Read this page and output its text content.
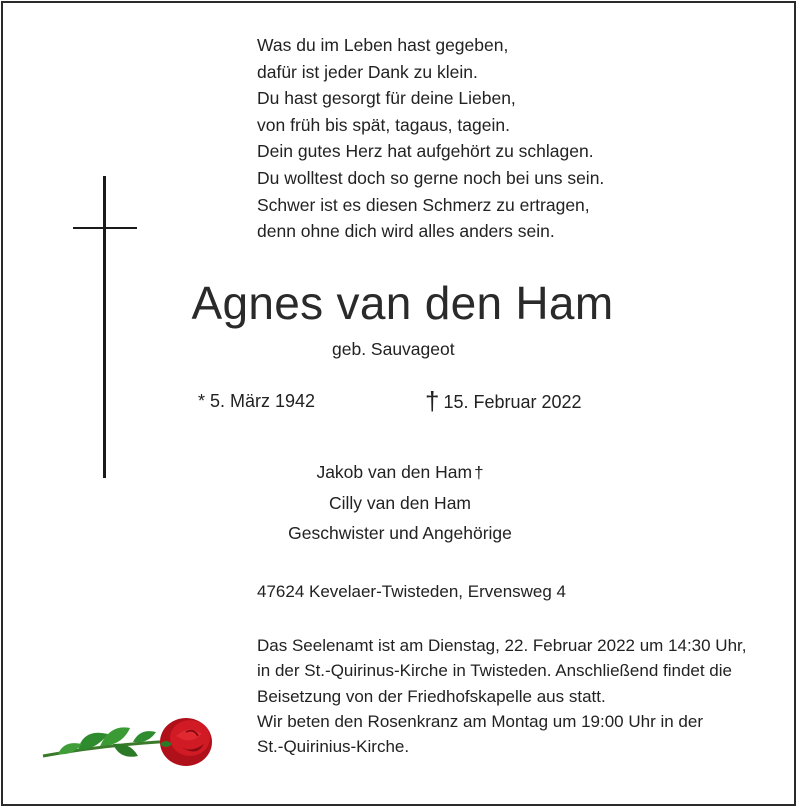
Was du im Leben hast gegeben,
dafür ist jeder Dank zu klein.
Du hast gesorgt für deine Lieben,
von früh bis spät, tagaus, tagein.
Dein gutes Herz hat aufgehört zu schlagen.
Du wolltest doch so gerne noch bei uns sein.
Schwer ist es diesen Schmerz zu ertragen,
denn ohne dich wird alles anders sein.
Agnes van den Ham
geb. Sauvageot
* 5. März 1942	† 15. Februar 2022
Jakob van den Ham †
Cilly van den Ham
Geschwister und Angehörige
47624 Kevelaer-Twisteden, Ervensweg 4
Das Seelenamt ist am Dienstag, 22. Februar 2022 um 14:30 Uhr,
in der St.-Quirinus-Kirche in Twisteden. Anschließend findet die
Beisetzung von der Friedhofskapelle aus statt.
Wir beten den Rosenkranz am Montag um 19:00 Uhr in der
St.-Quirinius-Kirche.
